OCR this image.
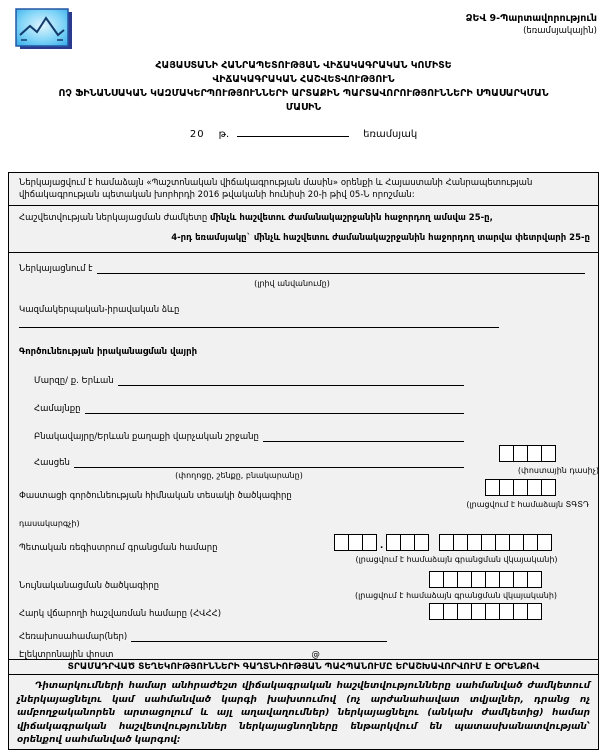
ՁԵՎ 9-Պարտավորություն
(եռամսյակային)
ՀԱՅԱՍՏԱՆԻ ՀԱՆՐԱՊԵՏՈՒԹՅԱՆ ՎԻՃԱԿԱԳՐԱԿԱՆ ԿՈՄԻՏԵ
ՎԻՃԱԿԱԳՐԱԿԱՆ ՀԱՇՎԵՏՎՈՒԹՅՈՒՆ
ՈՉ ՖԻՆԱՆՍԱԿԱՆ ԿԱԶՄԱԿԵՐՊՈՒԹՅՈՒՆՆԵՐԻ ԱՐՏԱՔԻՆ ՊԱՐՏԱՎՈՐՈՒԹՅՈՒՆՆԵՐԻ ՍՊԱՍԱՐԿՄԱՆ
ՄԱՍԻՆ
20 թ.	եռամսյակ
Ներկայացվում է համաձայն «Պաշտոնական վիճակագրության մասին» օրենքի և Հայաստանի Հանրապետության վիճակագրության պետական խորհրդի 2016 թվականի հունիսի 20-ի թիվ 05-Ն որոշման:
Հաշվետվության ներկայացման ժամկետը մինչև հաշվետու ժամանակաշրջանին հաջորդող ամսվա 25-ը,
4-րդ եռամսյակը` մինչև հաշվետու ժամանակաշրջանին հաջորդող տարվա փետրվարի 25-ը
Ներկայացնում է
(լրիվ անվանումը)
Կազմակերպական-իրավական ձևը
Գործունեության իրականացման վայրի
Մարզը/ ք. Երևան
Համայնքը
Բնակավայրը/Երևան քաղաքի վարչական շրջանը
Հասցեն
(փողոցը, շենքը, բնակարանը)
(փոստային դասիչ)
Փաստացի գործունեության հիմնական տեսակի ծածկագիրը
(լրացվում է համաձայն ՏԳՏԴ
դասակարգչի)
Պետական ռեգիստրում գրանցման համարը	.
(լրացվում է համաձայն գրանցման վկայականի)
Նույնականացման ծածկագիրը
(լրացվում է համաձայն գրանցման վկայականի)
Հարկ վճարողի հաշվառման համարը (ՀՎՀՀ)
Հեռախոսահամար(ներ)
Էլեկտրոնային փոստ	@
ՏՐԱՄԱԴՐՎԱԾ ՏԵՂԵԿՈՒԹՅՈՒՆՆԵՐԻ ԳԱՂՏՆԻՈՒԹՅԱՆ ՊԱՀՊԱՆՈՒՄԸ ԵՐԱՇԽԱՎՈՐՎՈՒՄ Է ՕՐԵՆՔՈՎ
Դիտարկումների համար անհրաժեշտ վիճակագրական հաշվետվությունները սահմանված ժամկետում չներկայացնելու կամ սահմանված կարգի խախտումով (ոչ արժանահավատ տվյալներ, դրանց ոչ ամբողջականորեն արտացոլում և այլ աղավաղումներ) ներկայացնելու (անկախ ժամկետից) համար վիճակագրական հաշվետվություններ ներկայացնողները ենթարկվում են պատասխանատվության՝ օրենքով սահմանված կարգով:
